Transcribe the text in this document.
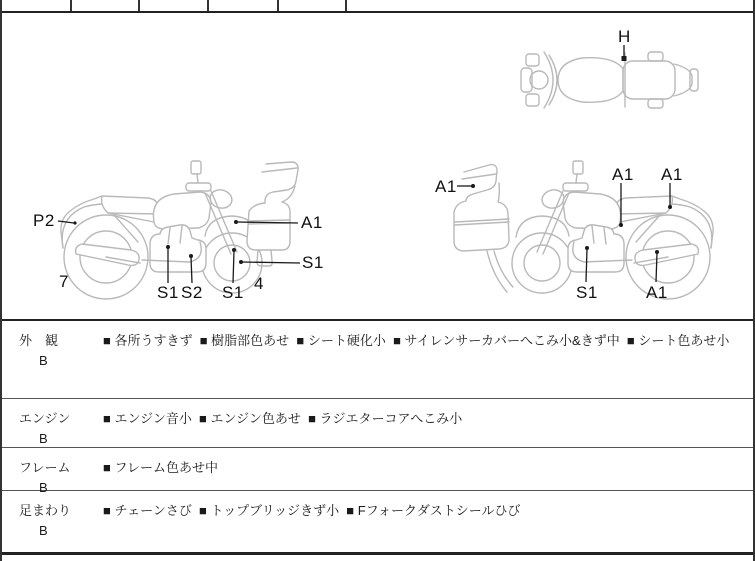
P2
7
S1 S2 S1 4
A1
S1
A1
A1 A1
S1	A1
H
外　観
B
■ 各所うすきず  ■ 樹脂部色あせ  ■ シート硬化小  ■ サイレンサーカバーへこみ小&きず中  ■ シート色あせ小
エンジン
B
■ エンジン音小  ■ エンジン色あせ  ■ ラジエターコアへこみ小
フレーム
B
■ フレーム色あせ中
足まわり
B
■ チェーンさび  ■ トップブリッジきず小  ■ Fフォークダストシールひび
